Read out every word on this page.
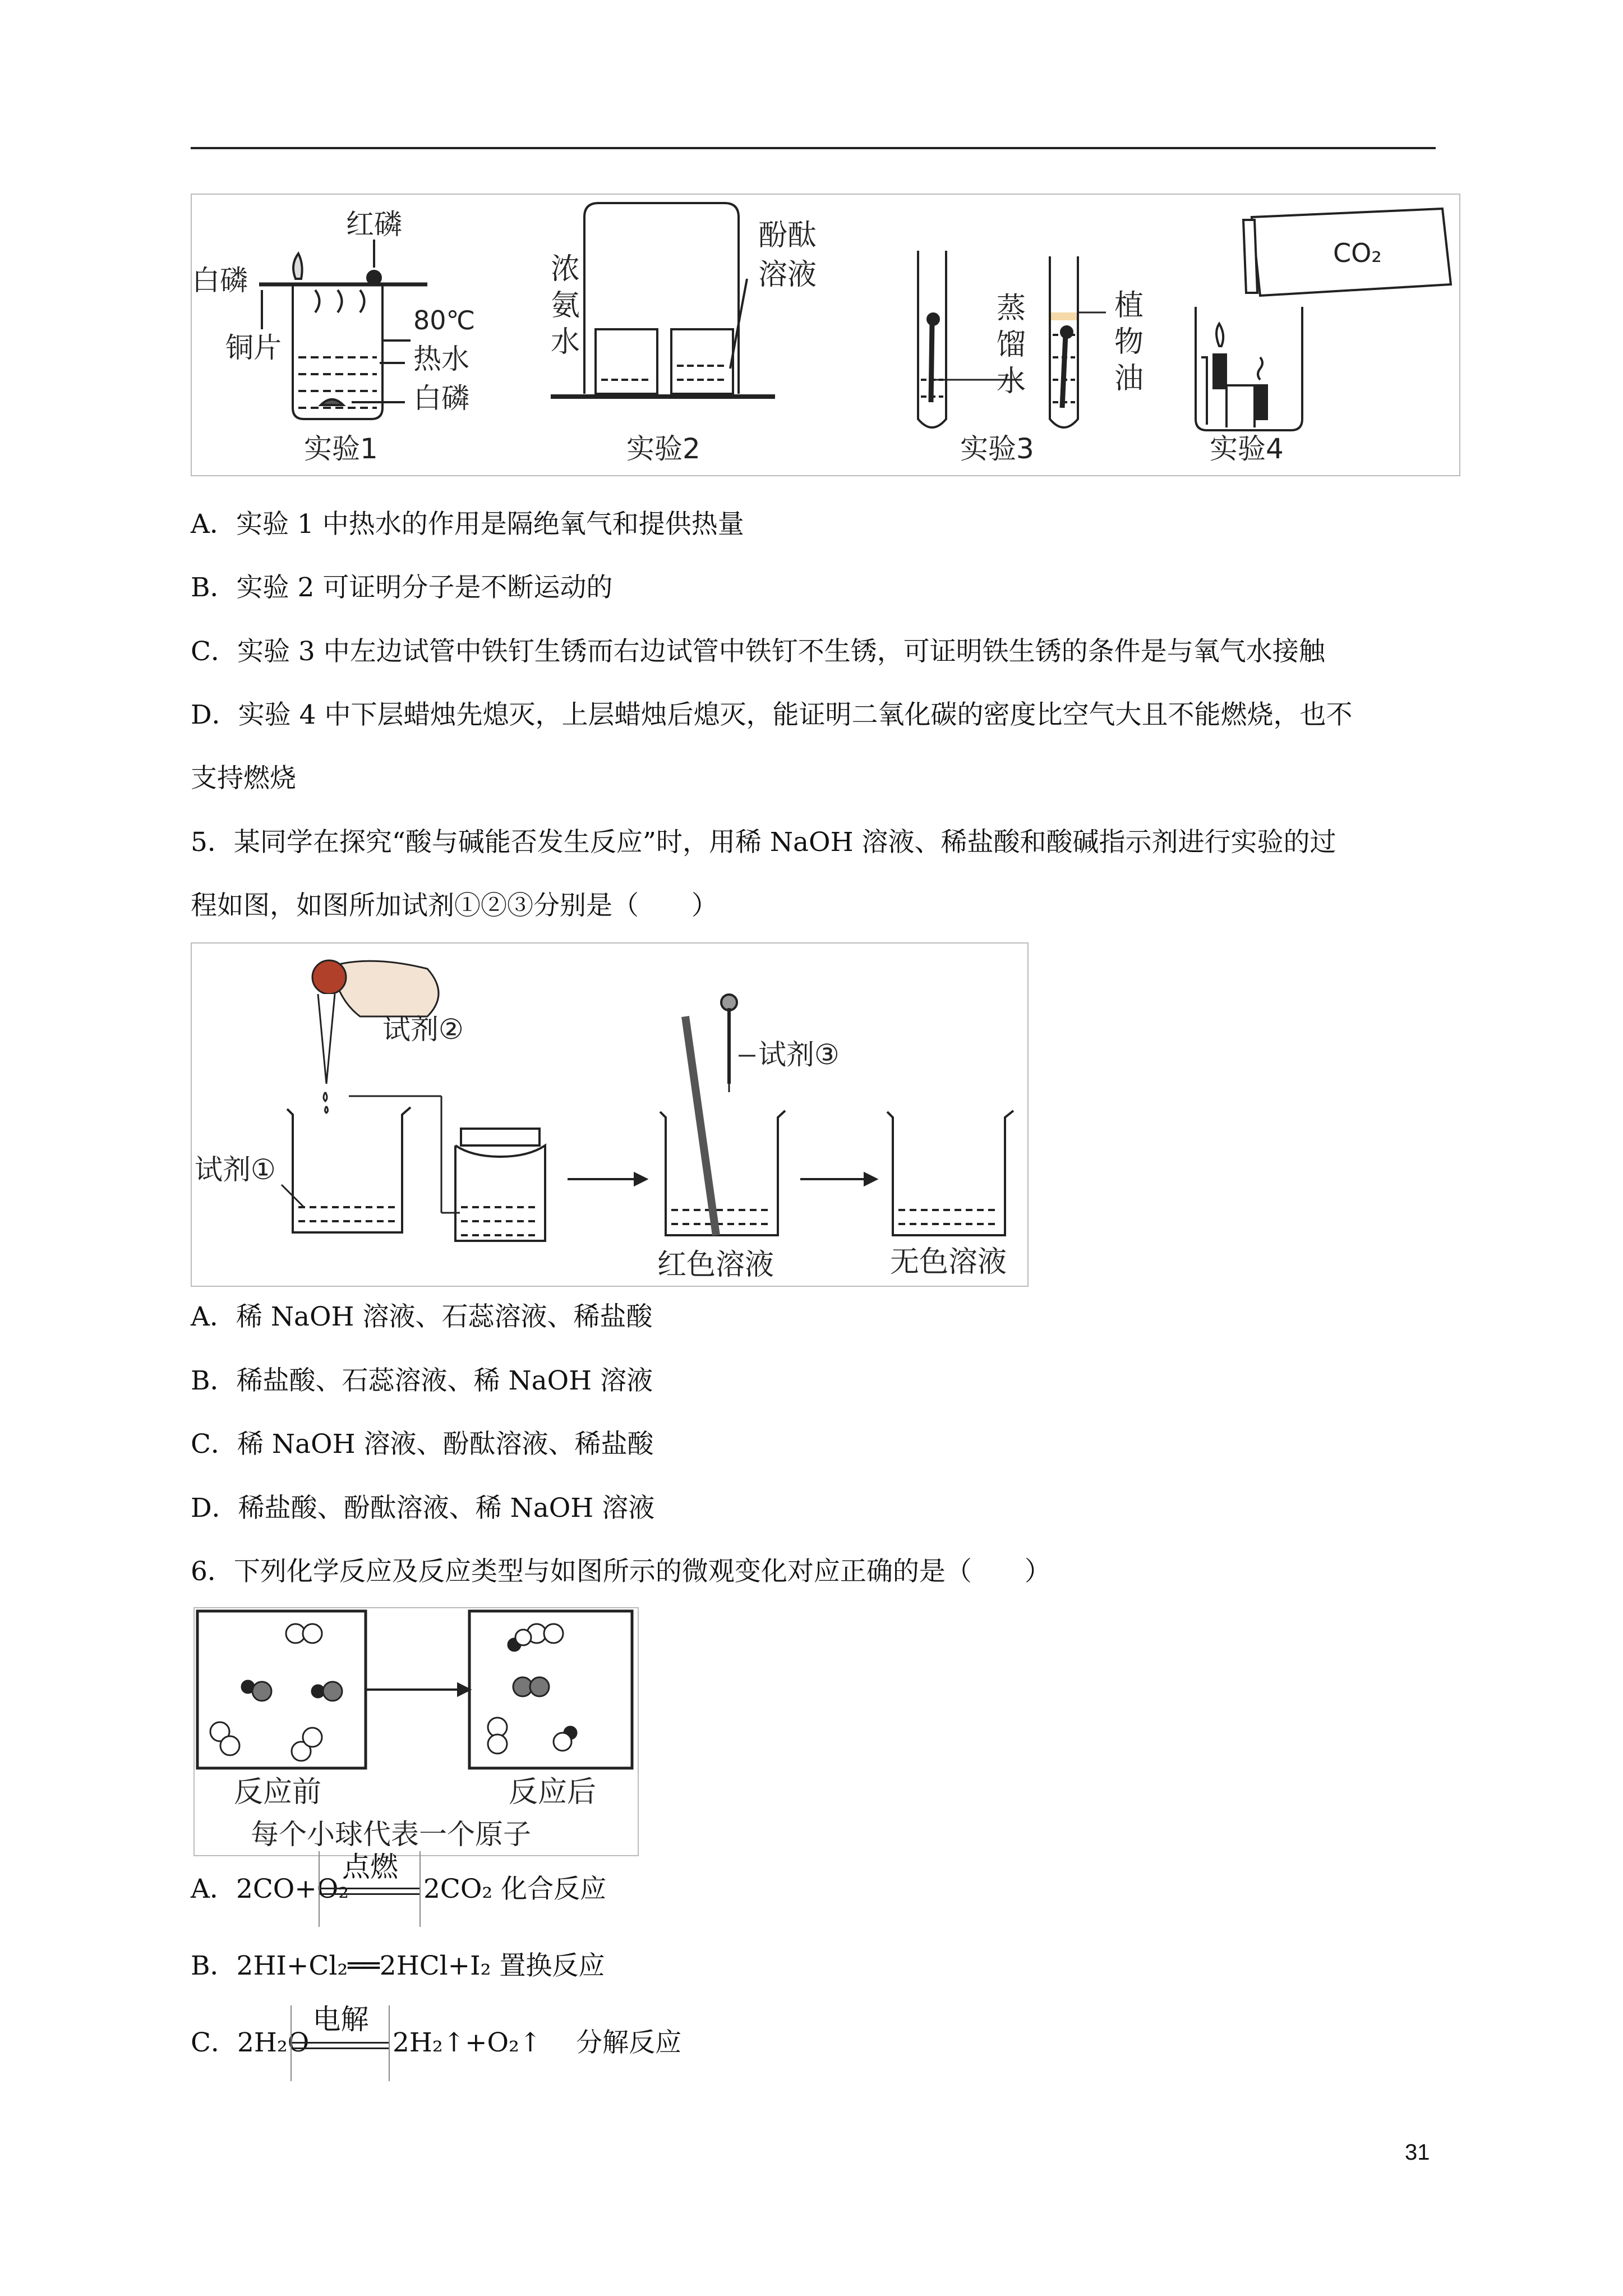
红磷
白磷
铜片
80℃
热水
白磷
实验1
浓
氨
水
酚酞
溶液
实验2
蒸
馏
水
植
物
油
实验3
CO₂
实验4
A．实验 1 中热水的作用是隔绝氧气和提供热量
B．实验 2 可证明分子是不断运动的
C．实验 3 中左边试管中铁钉生锈而右边试管中铁钉不生锈，可证明铁生锈的条件是与氧气水接触
D．实验 4 中下层蜡烛先熄灭，上层蜡烛后熄灭，能证明二氧化碳的密度比空气大且不能燃烧，也不
支持燃烧
5．某同学在探究“酸与碱能否发生反应”时，用稀 NaOH 溶液、稀盐酸和酸碱指示剂进行实验的过
程如图，如图所加试剂①②③分别是（　　）
试剂②
试剂①
试剂③
红色溶液	无色溶液
A．稀 NaOH 溶液、石蕊溶液、稀盐酸
B．稀盐酸、石蕊溶液、稀 NaOH 溶液
C．稀 NaOH 溶液、酚酞溶液、稀盐酸
D．稀盐酸、酚酞溶液、稀 NaOH 溶液
6．下列化学反应及反应类型与如图所示的微观变化对应正确的是（　　）
反应前	反应后
每个小球代表一个原子
A．2CO+O₂
点燃
2CO₂ 化合反应
B．2HI+Cl₂══2HCl+I₂ 置换反应
C．2H₂O
电解
2H₂↑+O₂↑　 分解反应
31
